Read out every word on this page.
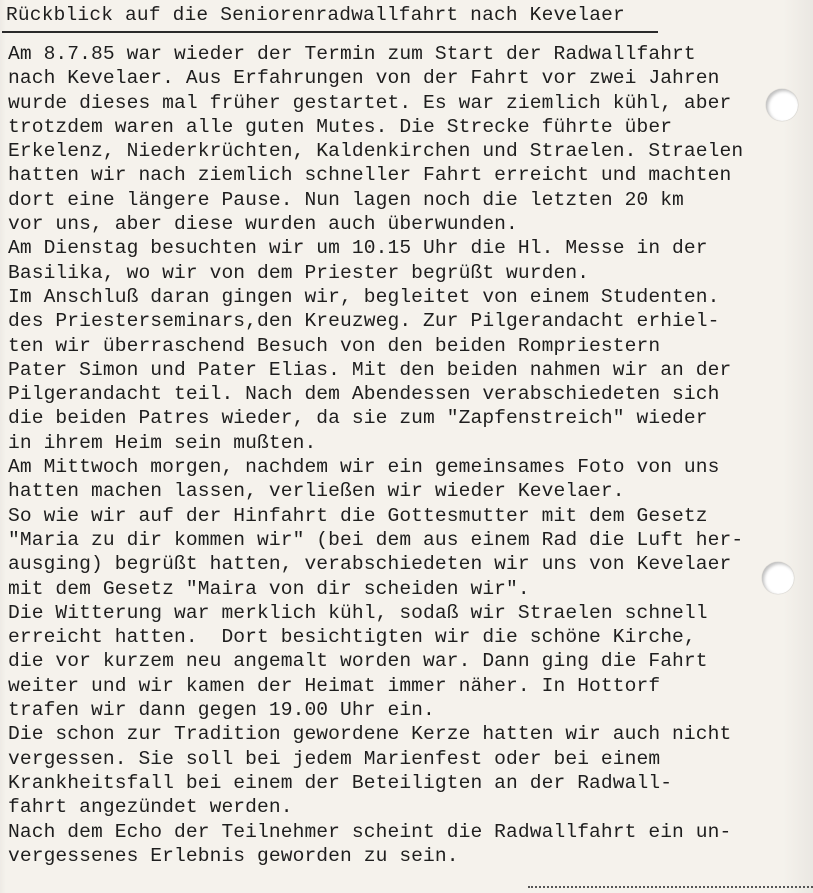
Rückblick auf die Seniorenradwallfahrt nach Kevelaer
Am 8.7.85 war wieder der Termin zum Start der Radwallfahrt
nach Kevelaer. Aus Erfahrungen von der Fahrt vor zwei Jahren
wurde dieses mal früher gestartet. Es war ziemlich kühl, aber
trotzdem waren alle guten Mutes. Die Strecke führte über
Erkelenz, Niederkrüchten, Kaldenkirchen und Straelen. Straelen
hatten wir nach ziemlich schneller Fahrt erreicht und machten
dort eine längere Pause. Nun lagen noch die letzten 20 km
vor uns, aber diese wurden auch überwunden.
Am Dienstag besuchten wir um 10.15 Uhr die Hl. Messe in der
Basilika, wo wir von dem Priester begrüßt wurden.
Im Anschluß daran gingen wir, begleitet von einem Studenten.
des Priesterseminars,den Kreuzweg. Zur Pilgerandacht erhiel-
ten wir überraschend Besuch von den beiden Rompriestern
Pater Simon und Pater Elias. Mit den beiden nahmen wir an der
Pilgerandacht teil. Nach dem Abendessen verabschiedeten sich
die beiden Patres wieder, da sie zum "Zapfenstreich" wieder
in ihrem Heim sein mußten.
Am Mittwoch morgen, nachdem wir ein gemeinsames Foto von uns
hatten machen lassen, verließen wir wieder Kevelaer.
So wie wir auf der Hinfahrt die Gottesmutter mit dem Gesetz
"Maria zu dir kommen wir" (bei dem aus einem Rad die Luft her-
ausging) begrüßt hatten, verabschiedeten wir uns von Kevelaer
mit dem Gesetz "Maira von dir scheiden wir".
Die Witterung war merklich kühl, sodaß wir Straelen schnell
erreicht hatten.  Dort besichtigten wir die schöne Kirche,
die vor kurzem neu angemalt worden war. Dann ging die Fahrt
weiter und wir kamen der Heimat immer näher. In Hottorf
trafen wir dann gegen 19.00 Uhr ein.
Die schon zur Tradition gewordene Kerze hatten wir auch nicht
vergessen. Sie soll bei jedem Marienfest oder bei einem
Krankheitsfall bei einem der Beteiligten an der Radwall-
fahrt angezündet werden.
Nach dem Echo der Teilnehmer scheint die Radwallfahrt ein un-
vergessenes Erlebnis geworden zu sein.
